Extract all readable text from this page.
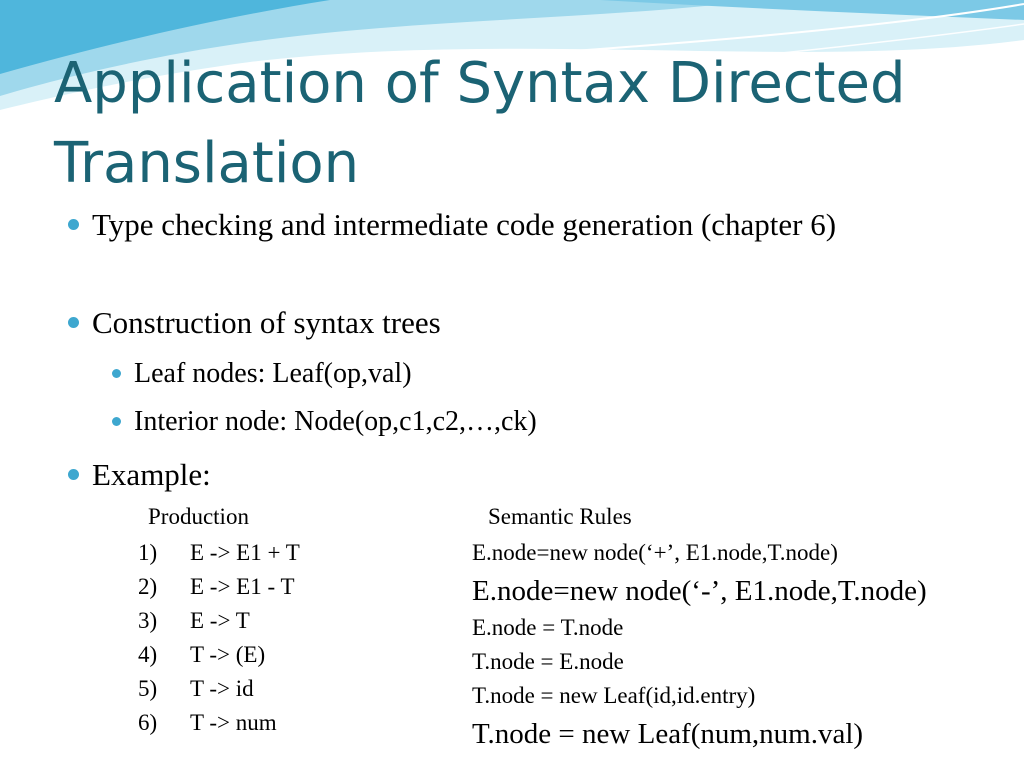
Application of Syntax Directed Translation

Type checking and intermediate code generation (chapter 6)

Construction of syntax trees

Leaf nodes: Leaf(op,val)

Interior node: Node(op,c1,c2,…,ck)

Example:

Production	Semantic Rules
1) E -> E1 + T
2) E -> E1 - T
3) E -> T
4) T -> (E)
5) T -> id
6) T -> num
E.node=new node(‘+’, E1.node,T.node)
E.node=new node(‘-’, E1.node,T.node)
E.node = T.node
T.node = E.node
T.node = new Leaf(id,id.entry)
T.node = new Leaf(num,num.val)
